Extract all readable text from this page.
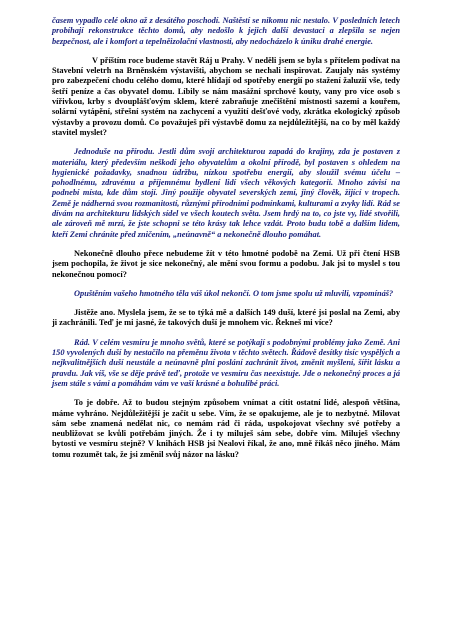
časem vypadlo celé okno až z desátého poschodí. Naštěstí se nikomu nic nestalo. V posledních letech probíhají rekonstrukce těchto domů, aby nedošlo k jejich další devastaci a zlepšila se nejen bezpečnost, ale i komfort a tepelněizolační vlastnosti, aby nedocházelo k úniku drahé energie.

V příštím roce budeme stavět Ráj u Prahy. V neděli jsem se byla s přítelem podívat na Stavební veletrh na Brněnském výstavišti, abychom se nechali inspirovat. Zaujaly nás systémy pro zabezpečení chodu celého domu, které hlídají od spotřeby energií po stažení žaluzií vše, tedy šetří peníze a čas obyvatel domu. Líbily se nám masážní sprchové kouty, vany pro více osob s vířivkou, krby s dvouplášťovým sklem, které zabraňuje znečištění místnosti sazemi a kouřem, solární vytápění, střešní systém na zachycení a využití dešťové vody, zkrátka ekologický způsob výstavby a provozu domů. Co považuješ při výstavbě domu za nejdůležitější, na co by měl každý stavitel myslet?

Jednoduše na přírodu. Jestli dům svojí architekturou zapadá do krajiny, zda je postaven z materiálu, který především neškodí jeho obyvatelům a okolní přírodě, byl postaven s ohledem na hygienické požadavky, snadnou údržbu, nízkou spotřebu energií, aby sloužil svému účelu – pohodlnému, zdravému a příjemnému bydlení lidí všech věkových kategorií. Mnoho závisí na podnebí místa, kde dům stojí. Jiný použije obyvatel severských zemí, jiný člověk, žijící v tropech. Země je nádherná svou rozmanitostí, různými přírodními podmínkami, kulturami a zvyky lidí. Rád se dívám na architekturu lidských sídel ve všech koutech světa. Jsem hrdý na to, co jste vy, lidé stvořili, ale zároveň mě mrzí, že jste schopni se této krásy tak lehce vzdát. Proto budu tobě a dalším lidem, kteří Zemi chráníte před zničením, „neúnavně“ a nekonečně dlouho pomáhat.

Nekonečně dlouho přece nebudeme žít v této hmotné podobě na Zemi. Už při čtení HSB jsem pochopila, že život je sice nekonečný, ale mění svou formu a podobu. Jak jsi to myslel s tou nekonečnou pomocí?

Opuštěním vašeho hmotného těla váš úkol nekončí. O tom jsme spolu už mluvili, vzpomínáš?

Jistěže ano. Myslela jsem, že se to týká mě a dalších 149 duší, které jsi poslal na Zemi, aby ji zachránili. Teď je mi jasné, že takových duší je mnohem víc. Řekneš mi více?

Rád. V celém vesmíru je mnoho světů, které se potýkají s podobnými problémy jako Země. Ani 150 vyvolených duší by nestačilo na přeměnu života v těchto světech. Řádově desítky tisíc vyspělých a nejkvalitnějších duší neustále a neúnavně plní poslání zachránit život, změnit myšlení, šířit lásku a pravdu. Jak víš, vše se děje právě teď, protože ve vesmíru čas neexistuje. Jde o nekonečný proces a já jsem stále s vámi a pomáhám vám ve vaší krásné a bohulibé práci.

To je dobře. Až to budou stejným způsobem vnímat a cítit ostatní lidé, alespoň většina, máme vyhráno. Nejdůležitější je začít u sebe. Vím, že se opakujeme, ale je to nezbytné. Milovat sám sebe znamená nedělat nic, co nemám rád či ráda, uspokojovat všechny své potřeby a neubližovat se kvůli potřebám jiných. Že i ty miluješ sám sebe, dobře vím. Miluješ všechny bytosti ve vesmíru stejně? V knihách HSB jsi Nealovi říkal, že ano, mně říkáš něco jiného. Mám tomu rozumět tak, že jsi změnil svůj názor na lásku?
